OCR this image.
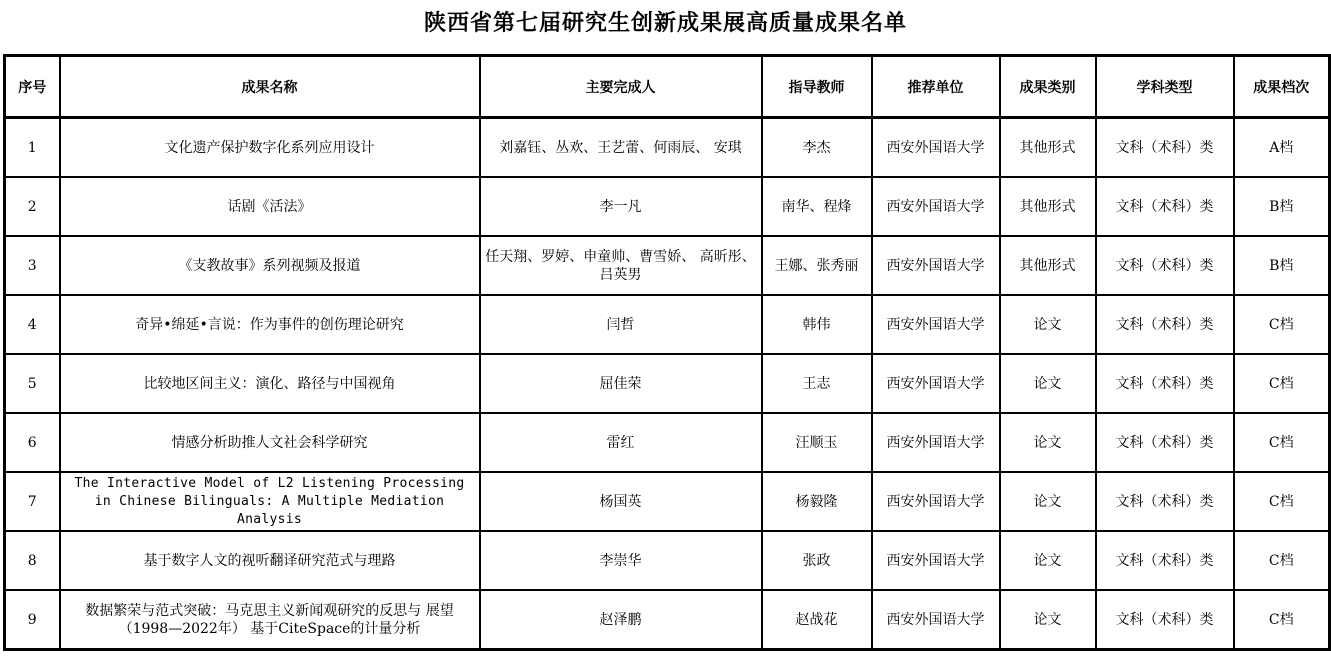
陕西省第七届研究生创新成果展高质量成果名单
序号	成果名称	主要完成人	指导教师	推荐单位	成果类别	学科类型	成果档次
1	文化遗产保护数字化系列应用设计	刘嘉钰、丛欢、王艺蕾、何雨辰、 安琪	李杰	西安外国语大学	其他形式	文科（术科）类	A档
2	话剧《活法》	李一凡	南华、程烽	西安外国语大学	其他形式	文科（术科）类	B档
3	《支教故事》系列视频及报道	任天翔、罗婷、申童帅、曹雪娇、 高昕彤、吕英男	王娜、张秀丽	西安外国语大学	其他形式	文科（术科）类	B档
4	奇异•绵延•言说：作为事件的创伤理论研究	闫哲	韩伟	西安外国语大学	论文	文科（术科）类	C档
5	比较地区间主义：演化、路径与中国视角	屈佳荣	王志	西安外国语大学	论文	文科（术科）类	C档
6	情感分析助推人文社会科学研究	雷红	汪顺玉	西安外国语大学	论文	文科（术科）类	C档
7	The Interactive Model of L2 Listening Processing in Chinese Bilinguals: A Multiple Mediation Analysis	杨国英	杨毅隆	西安外国语大学	论文	文科（术科）类	C档
8	基于数字人文的视听翻译研究范式与理路	李崇华	张政	西安外国语大学	论文	文科（术科）类	C档
9	数据繁荣与范式突破：马克思主义新闻观研究的反思与 展望（1998—2022年） 基于CiteSpace的计量分析	赵泽鹏	赵战花	西安外国语大学	论文	文科（术科）类	C档
